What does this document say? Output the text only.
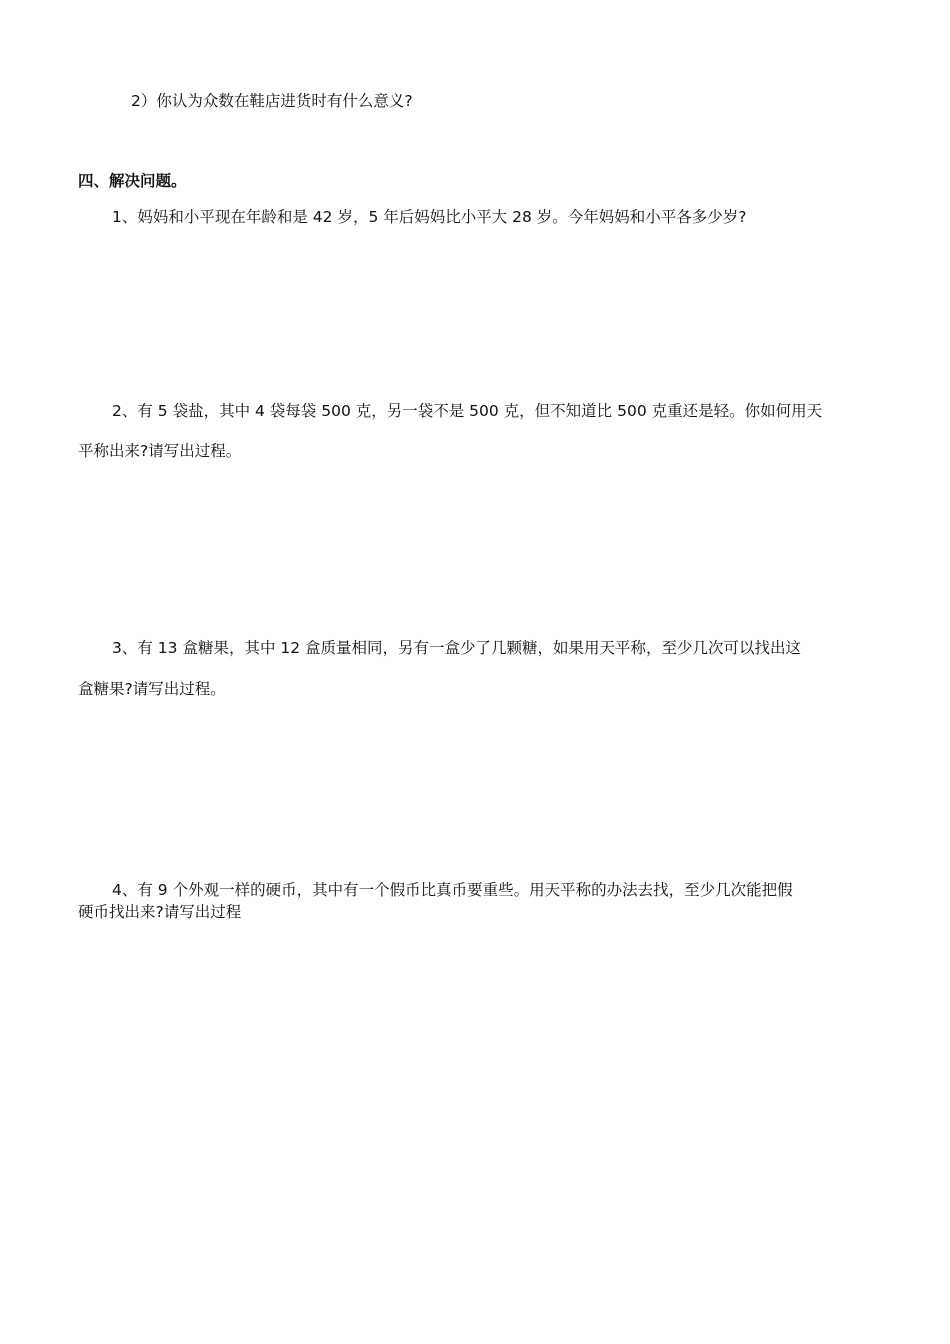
2）你认为众数在鞋店进货时有什么意义?
四、解决问题。
1、妈妈和小平现在年龄和是 42 岁，5 年后妈妈比小平大 28 岁。今年妈妈和小平各多少岁?
2、有 5 袋盐，其中 4 袋每袋 500 克，另一袋不是 500 克，但不知道比 500 克重还是轻。你如何用天
平称出来?请写出过程。
3、有 13 盒糖果，其中 12 盒质量相同，另有一盒少了几颗糖，如果用天平称，至少几次可以找出这
盒糖果?请写出过程。
4、有 9 个外观一样的硬币，其中有一个假币比真币要重些。用天平称的办法去找，至少几次能把假
硬币找出来?请写出过程
